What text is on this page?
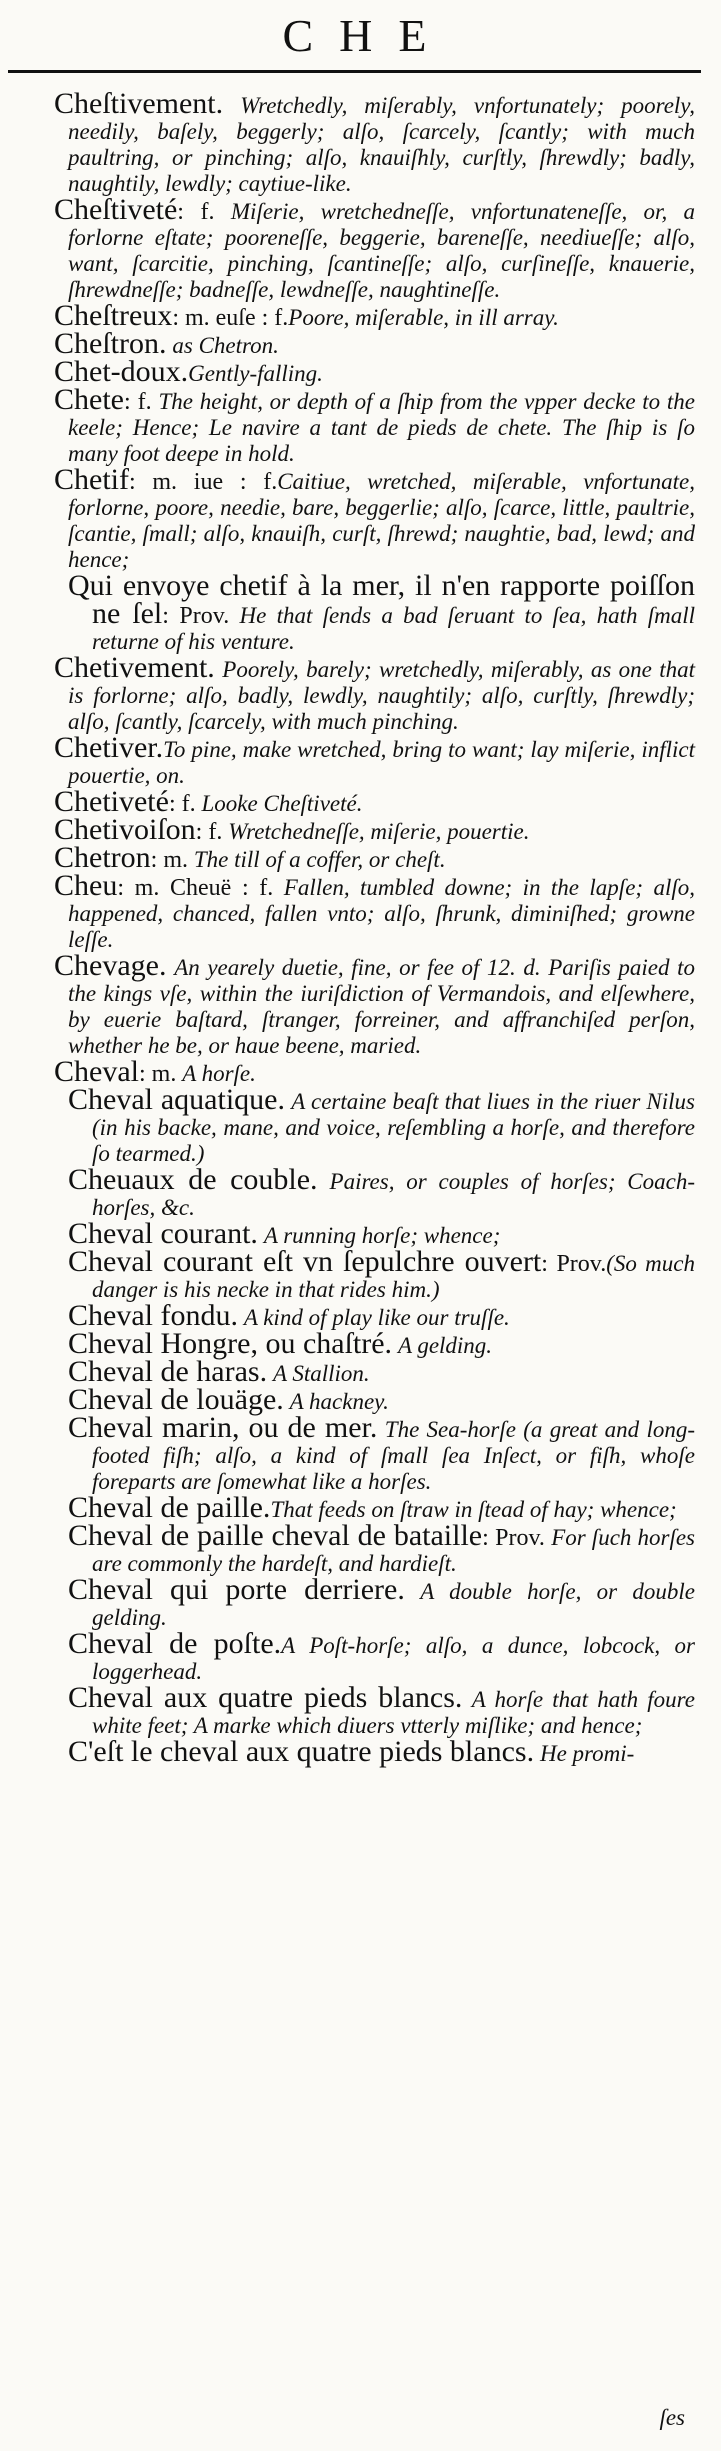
CHE

Cheſtivement. Wretchedly, miſerably, vnfortunately; poorely, needily, baſely, beggerly; alſo, ſcarcely, ſcantly; with much paultring, or pinching; alſo, knauiſhly, curſtly, ſhrewdly; badly, naughtily, lewdly; caytiue-like.

Cheſtiveté: f. Miſerie, wretchedneſſe, vnfortunateneſſe, or, a forlorne eſtate; pooreneſſe, beggerie, bareneſſe, neediueſſe; alſo, want, ſcarcitie, pinching, ſcantineſſe; alſo, curſineſſe, knauerie, ſhrewdneſſe; badneſſe, lewdneſſe, naughtineſſe.

Cheſtreux: m. euſe : f.Poore, miſerable, in ill array.

Cheſtron. as Chetron.

Chet-doux.Gently-falling.

Chete: f. The height, or depth of a ſhip from the vpper decke to the keele; Hence; Le navire a tant de pieds de chete. The ſhip is ſo many foot deepe in hold.

Chetif: m. iue : f.Caitiue, wretched, miſerable, vnfortunate, forlorne, poore, needie, bare, beggerlie; alſo, ſcarce, little, paultrie, ſcantie, ſmall; alſo, knauiſh, curſt, ſhrewd; naughtie, bad, lewd; and hence;

Qui envoye chetif à la mer, il n'en rapporte poiſſon ne ſel: Prov. He that ſends a bad ſeruant to ſea, hath ſmall returne of his venture.

Chetivement. Poorely, barely; wretchedly, miſerably, as one that is forlorne; alſo, badly, lewdly, naughtily; alſo, curſtly, ſhrewdly; alſo, ſcantly, ſcarcely, with much pinching.

Chetiver.To pine, make wretched, bring to want; lay miſerie, inflict pouertie, on.

Chetiveté: f. Looke Cheſtiveté.

Chetivoiſon: f. Wretchedneſſe, miſerie, pouertie.

Chetron: m. The till of a coffer, or cheſt.

Cheu: m. Cheuë : f. Fallen, tumbled downe; in the lapſe; alſo, happened, chanced, fallen vnto; alſo, ſhrunk, diminiſhed; growne leſſe.

Chevage. An yearely duetie, fine, or fee of 12. d. Pariſis paied to the kings vſe, within the iuriſdiction of Vermandois, and elſewhere, by euerie baſtard, ſtranger, forreiner, and affranchiſed perſon, whether he be, or haue beene, maried.

Cheval: m. A horſe.

Cheval aquatique. A certaine beaſt that liues in the riuer Nilus (in his backe, mane, and voice, reſembling a horſe, and therefore ſo tearmed.)

Cheuaux de couble. Paires, or couples of horſes; Coach-horſes, &c.

Cheval courant. A running horſe; whence;

Cheval courant eſt vn ſepulchre ouvert: Prov.(So much danger is his necke in that rides him.)

Cheval fondu. A kind of play like our truſſe.

Cheval Hongre, ou chaſtré. A gelding.

Cheval de haras. A Stallion.

Cheval de louäge. A hackney.

Cheval marin, ou de mer. The Sea-horſe (a great and long-footed fiſh; alſo, a kind of ſmall ſea Inſect, or fiſh, whoſe foreparts are ſomewhat like a horſes.

Cheval de paille.That feeds on ſtraw in ſtead of hay; whence;

Cheval de paille cheval de bataille: Prov. For ſuch horſes are commonly the hardeſt, and hardieſt.

Cheval qui porte derriere. A double horſe, or double gelding.

Cheval de poſte.A Poſt-horſe; alſo, a dunce, lobcock, or loggerhead.

Cheval aux quatre pieds blancs. A horſe that hath foure white feet; A marke which diuers vtterly miſlike; and hence;

C'eſt le cheval aux quatre pieds blancs. He promi-

ſes
